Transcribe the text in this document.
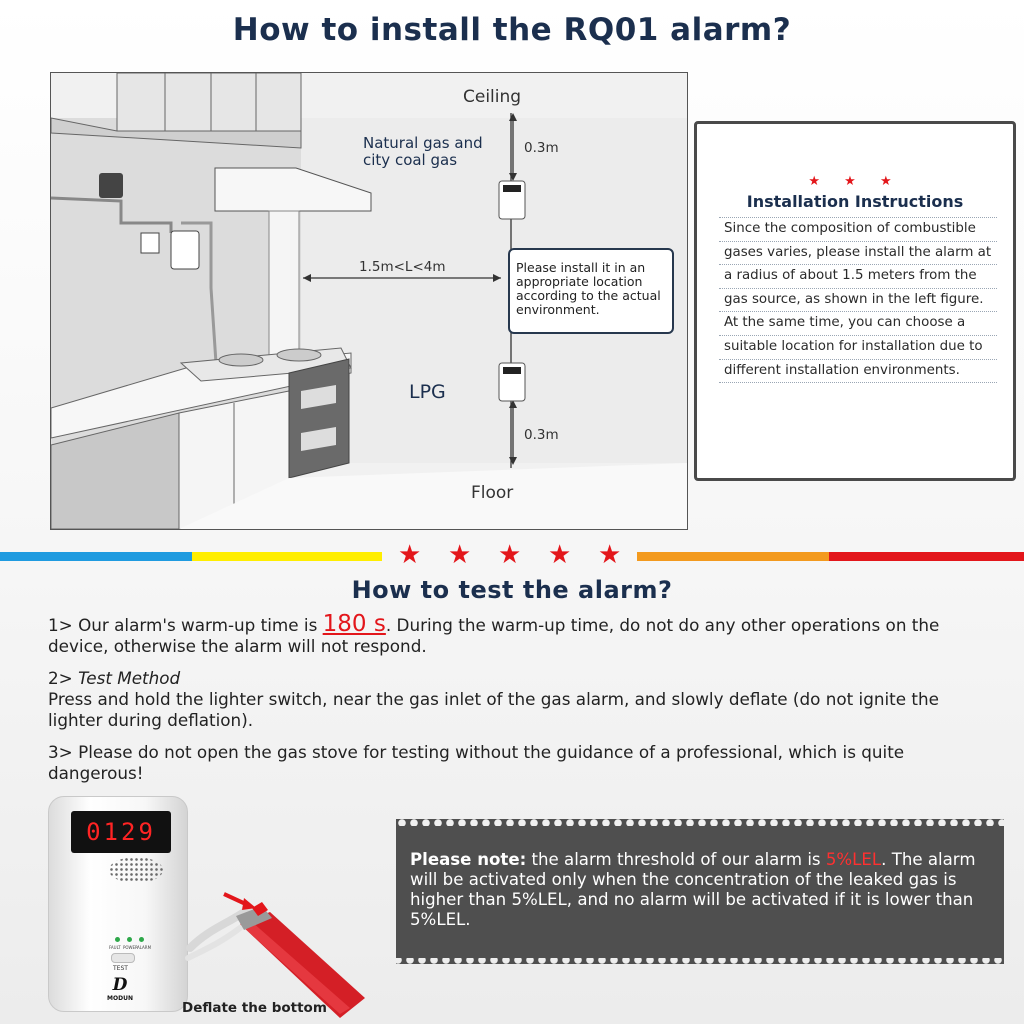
How to install the RQ01 alarm?
Ceiling
Natural gas and
city coal gas
0.3m
1.5m<L<4m
LPG
0.3m
Floor
Please install it in an
appropriate location
according to the actual
environment.
★ ★ ★
Installation Instructions
Since the composition of combustible
gases varies, please install the alarm at
a radius of about 1.5 meters from the
gas source, as shown in the left figure.
At the same time, you can choose a
suitable location for installation due to
different installation environments.
★ ★ ★ ★ ★
How to test the alarm?
1> Our alarm's warm-up time is 180 s. During the warm-up time, do not do any other operations on the device, otherwise the alarm will not respond.
2> Test Method
Press and hold the lighter switch, near the gas inlet of the gas alarm, and slowly deflate (do not ignite the lighter during deflation).
3> Please do not open the gas stove for testing without the guidance of a professional, which is quite dangerous!
Please note: the alarm threshold of our alarm is 5%LEL. The alarm will be activated only when the concentration of the leaked gas is higher than 5%LEL, and no alarm will be activated if it is lower than 5%LEL.
0129
FAULT POWER ALARM
TEST
D
MODUN
Deflate the bottom
